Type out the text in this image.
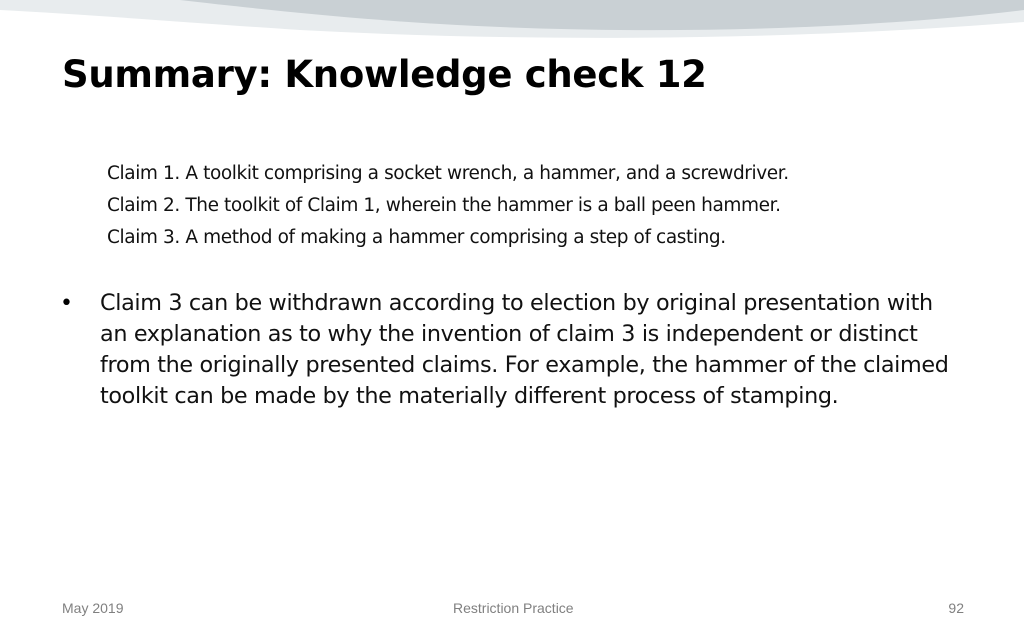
Summary: Knowledge check 12
Claim 1. A toolkit comprising a socket wrench, a hammer, and a screwdriver.
Claim 2. The toolkit of Claim 1, wherein the hammer is a ball peen hammer.
Claim 3. A method of making a hammer comprising a step of casting.
• Claim 3 can be withdrawn according to election by original presentation with an explanation as to why the invention of claim 3 is independent or distinct from the originally presented claims. For example, the hammer of the claimed toolkit can be made by the materially different process of stamping.
May 2019	Restriction Practice	92
